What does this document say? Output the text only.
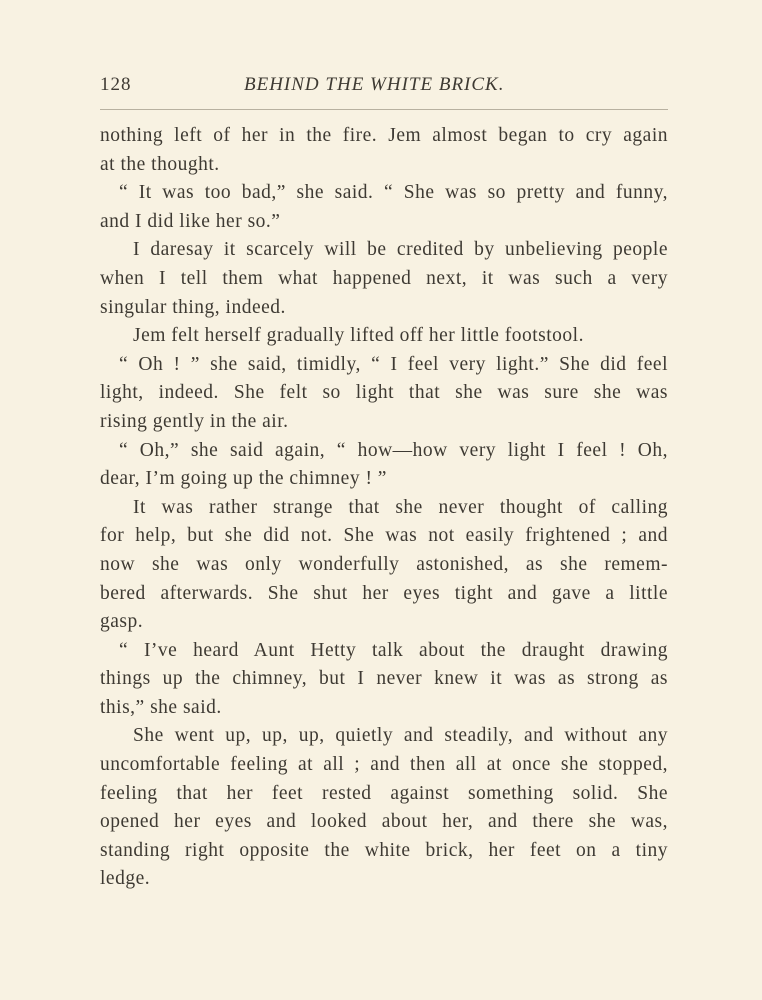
128	BEHIND THE WHITE BRICK.
nothing left of her in the fire. Jem almost began to cry again
at the thought.
“ It was too bad,” she said. “ She was so pretty and funny,
and I did like her so.”
I daresay it scarcely will be credited by unbelieving people
when I tell them what happened next, it was such a very
singular thing, indeed.
Jem felt herself gradually lifted off her little footstool.
“ Oh ! ” she said, timidly, “ I feel very light.” She did feel
light, indeed. She felt so light that she was sure she was
rising gently in the air.
“ Oh,” she said again, “ how—how very light I feel ! Oh,
dear, I’m going up the chimney ! ”
It was rather strange that she never thought of calling
for help, but she did not. She was not easily frightened ; and
now she was only wonderfully astonished, as she remem-
bered afterwards. She shut her eyes tight and gave a little
gasp.
“ I’ve heard Aunt Hetty talk about the draught drawing
things up the chimney, but I never knew it was as strong as
this,” she said.
She went up, up, up, quietly and steadily, and without any
uncomfortable feeling at all ; and then all at once she stopped,
feeling that her feet rested against something solid. She
opened her eyes and looked about her, and there she was,
standing right opposite the white brick, her feet on a tiny
ledge.
